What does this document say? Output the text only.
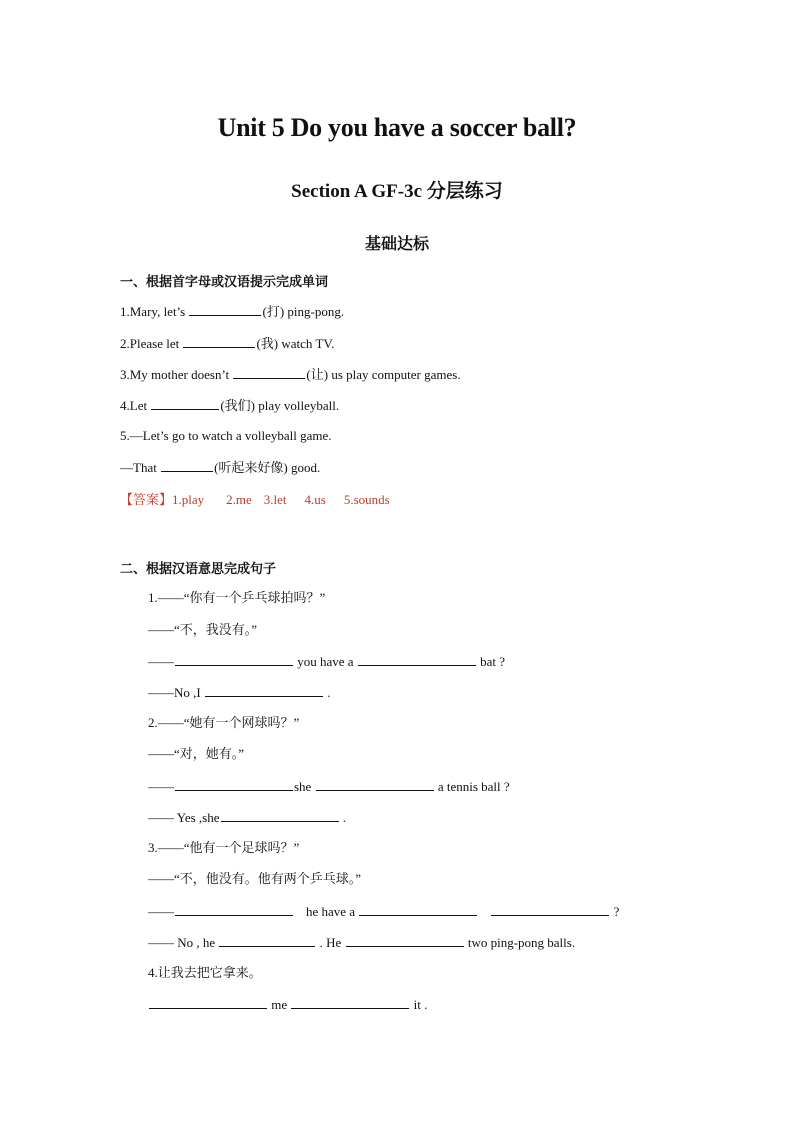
Unit 5 Do you have a soccer ball?
Section A GF-3c 分层练习
基础达标
一、根据首字母或汉语提示完成单词
1.Mary, let’s	(打) ping-pong.
2.Please let	(我) watch TV.
3.My mother doesn’t	(让) us play computer games.
4.Let	(我们) play volleyball.
5.—Let’s go to watch a volleyball game.
—That	(听起来好像) good.
【答案】1.play 2.me 3.let 4.us 5.sounds
二、根据汉语意思完成句子
1.——“你有一个乒乓球拍吗？”
——“不，我没有。”
——	you have a	bat ?
——No ,I	.
2.——“她有一个网球吗？”
——“对，她有。”
——	she	a tennis ball ?
—— Yes ,she	.
3.——“他有一个足球吗？”
——“不，他没有。他有两个乒乓球。”
——	he have a	?
—— No , he	. He	two ping-pong balls.
4.让我去把它拿来。
me	it .
